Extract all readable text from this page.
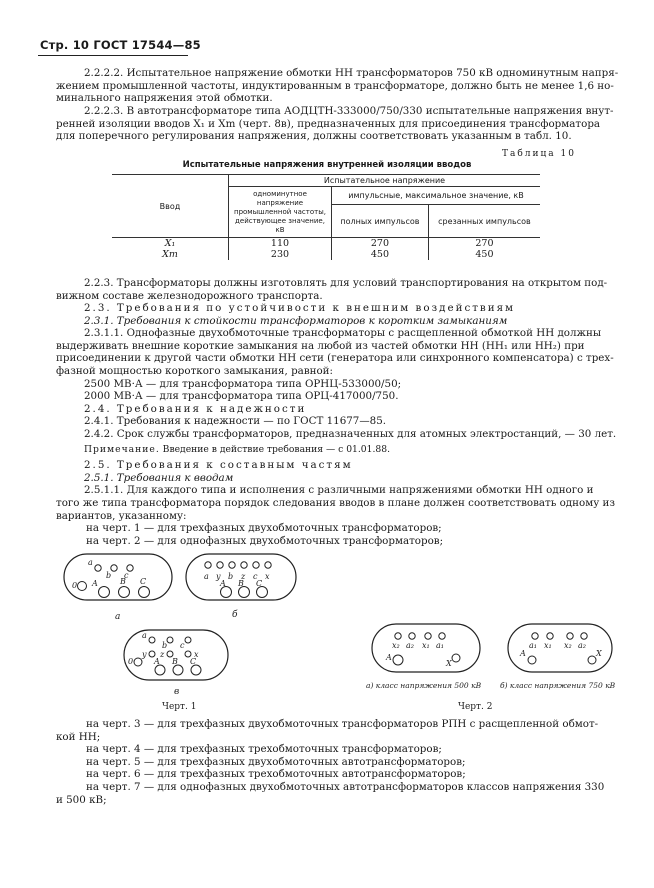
Стр. 10 ГОСТ 17544—85
2.2.2.2. Испытательное напряжение обмотки НН трансформаторов 750 кВ одноминутным напря-
жением промышленной частоты, индуктированным в трансформаторе, должно быть не менее 1,6 но-
минального напряжения этой обмотки.
2.2.2.3. В автотрансформаторе типа АОДЦТН-333000/750/330 испытательные напряжения внут-
ренней изоляции вводов X₁ и Xm (черт. 8в), предназначенных для присоединения трансформатора
для поперечного регулирования напряжения, должны соответствовать указанным в табл. 10.
Таблица 10
Испытательные напряжения внутренней изоляции вводов
Ввод	Испытательное напряжение		
	одноминутное напряжение промышленной частоты, действующее значение, кВ	импульсные, максимальное значение, кВ	
		полных импульсов	срезанных импульсов
X₁	110	270	270
Xm	230	450	450
2.2.3. Трансформаторы должны изготовлять для условий транспортирования на открытом под-
вижном составе железнодорожного транспорта.
2.3. Требования по устойчивости к внешним воздействиям
2.3.1. Требования к стойкости трансформаторов к коротким замыканиям
2.3.1.1. Однофазные двухобмоточные трансформаторы с расщепленной обмоткой НН должны
выдерживать внешние короткие замыкания на любой из частей обмотки НН (НН₁ или НН₂) при
присоединении к другой части обмотки НН сети (генератора или синхронного компенсатора) с трех-
фазной мощностью короткого замыкания, равной:
2500 МВ·А — для трансформатора типа ОРНЦ-533000/50;
2000 МВ·А — для трансформатора типа ОРЦ-417000/750.
2.4. Требования к надежности
2.4.1. Требования к надежности — по ГОСТ 11677—85.
2.4.2. Срок службы трансформаторов, предназначенных для атомных электростанций, — 30 лет.
Примечание. Введение в действие требования — с 01.01.88.
2.5. Требования к составным частям
2.5.1. Требования к вводам
2.5.1.1. Для каждого типа и исполнения с различными напряжениями обмотки НН одного и
того же типа трансформатора порядок следования вводов в плане должен соответствовать одному из
вариантов, указанному:
на черт. 1 — для трехфазных двухобмоточных трансформаторов;
на черт. 2 — для однофазных двухобмоточных трансформаторов;
a
b c
0 A	B C
a y b z c x
A B C
a
b c
y z	x
0	A B C
x₂ a₂ x₁ a₁
A
X
a₁ x₁ x₂ a₂
A	X
а	б
в
а) класс напряжения 500 кВ	б) класс напряжения 750 кВ
Черт. 1	Черт. 2
на черт. 3 — для трехфазных двухобмоточных трансформаторов РПН с расщепленной обмот-
кой НН;
на черт. 4 — для трехфазных трехобмоточных трансформаторов;
на черт. 5 — для трехфазных двухобмоточных автотрансформаторов;
на черт. 6 — для трехфазных трехобмоточных автотрансформаторов;
на черт. 7 — для однофазных двухобмоточных автотрансформаторов классов напряжения 330
и 500 кВ;
